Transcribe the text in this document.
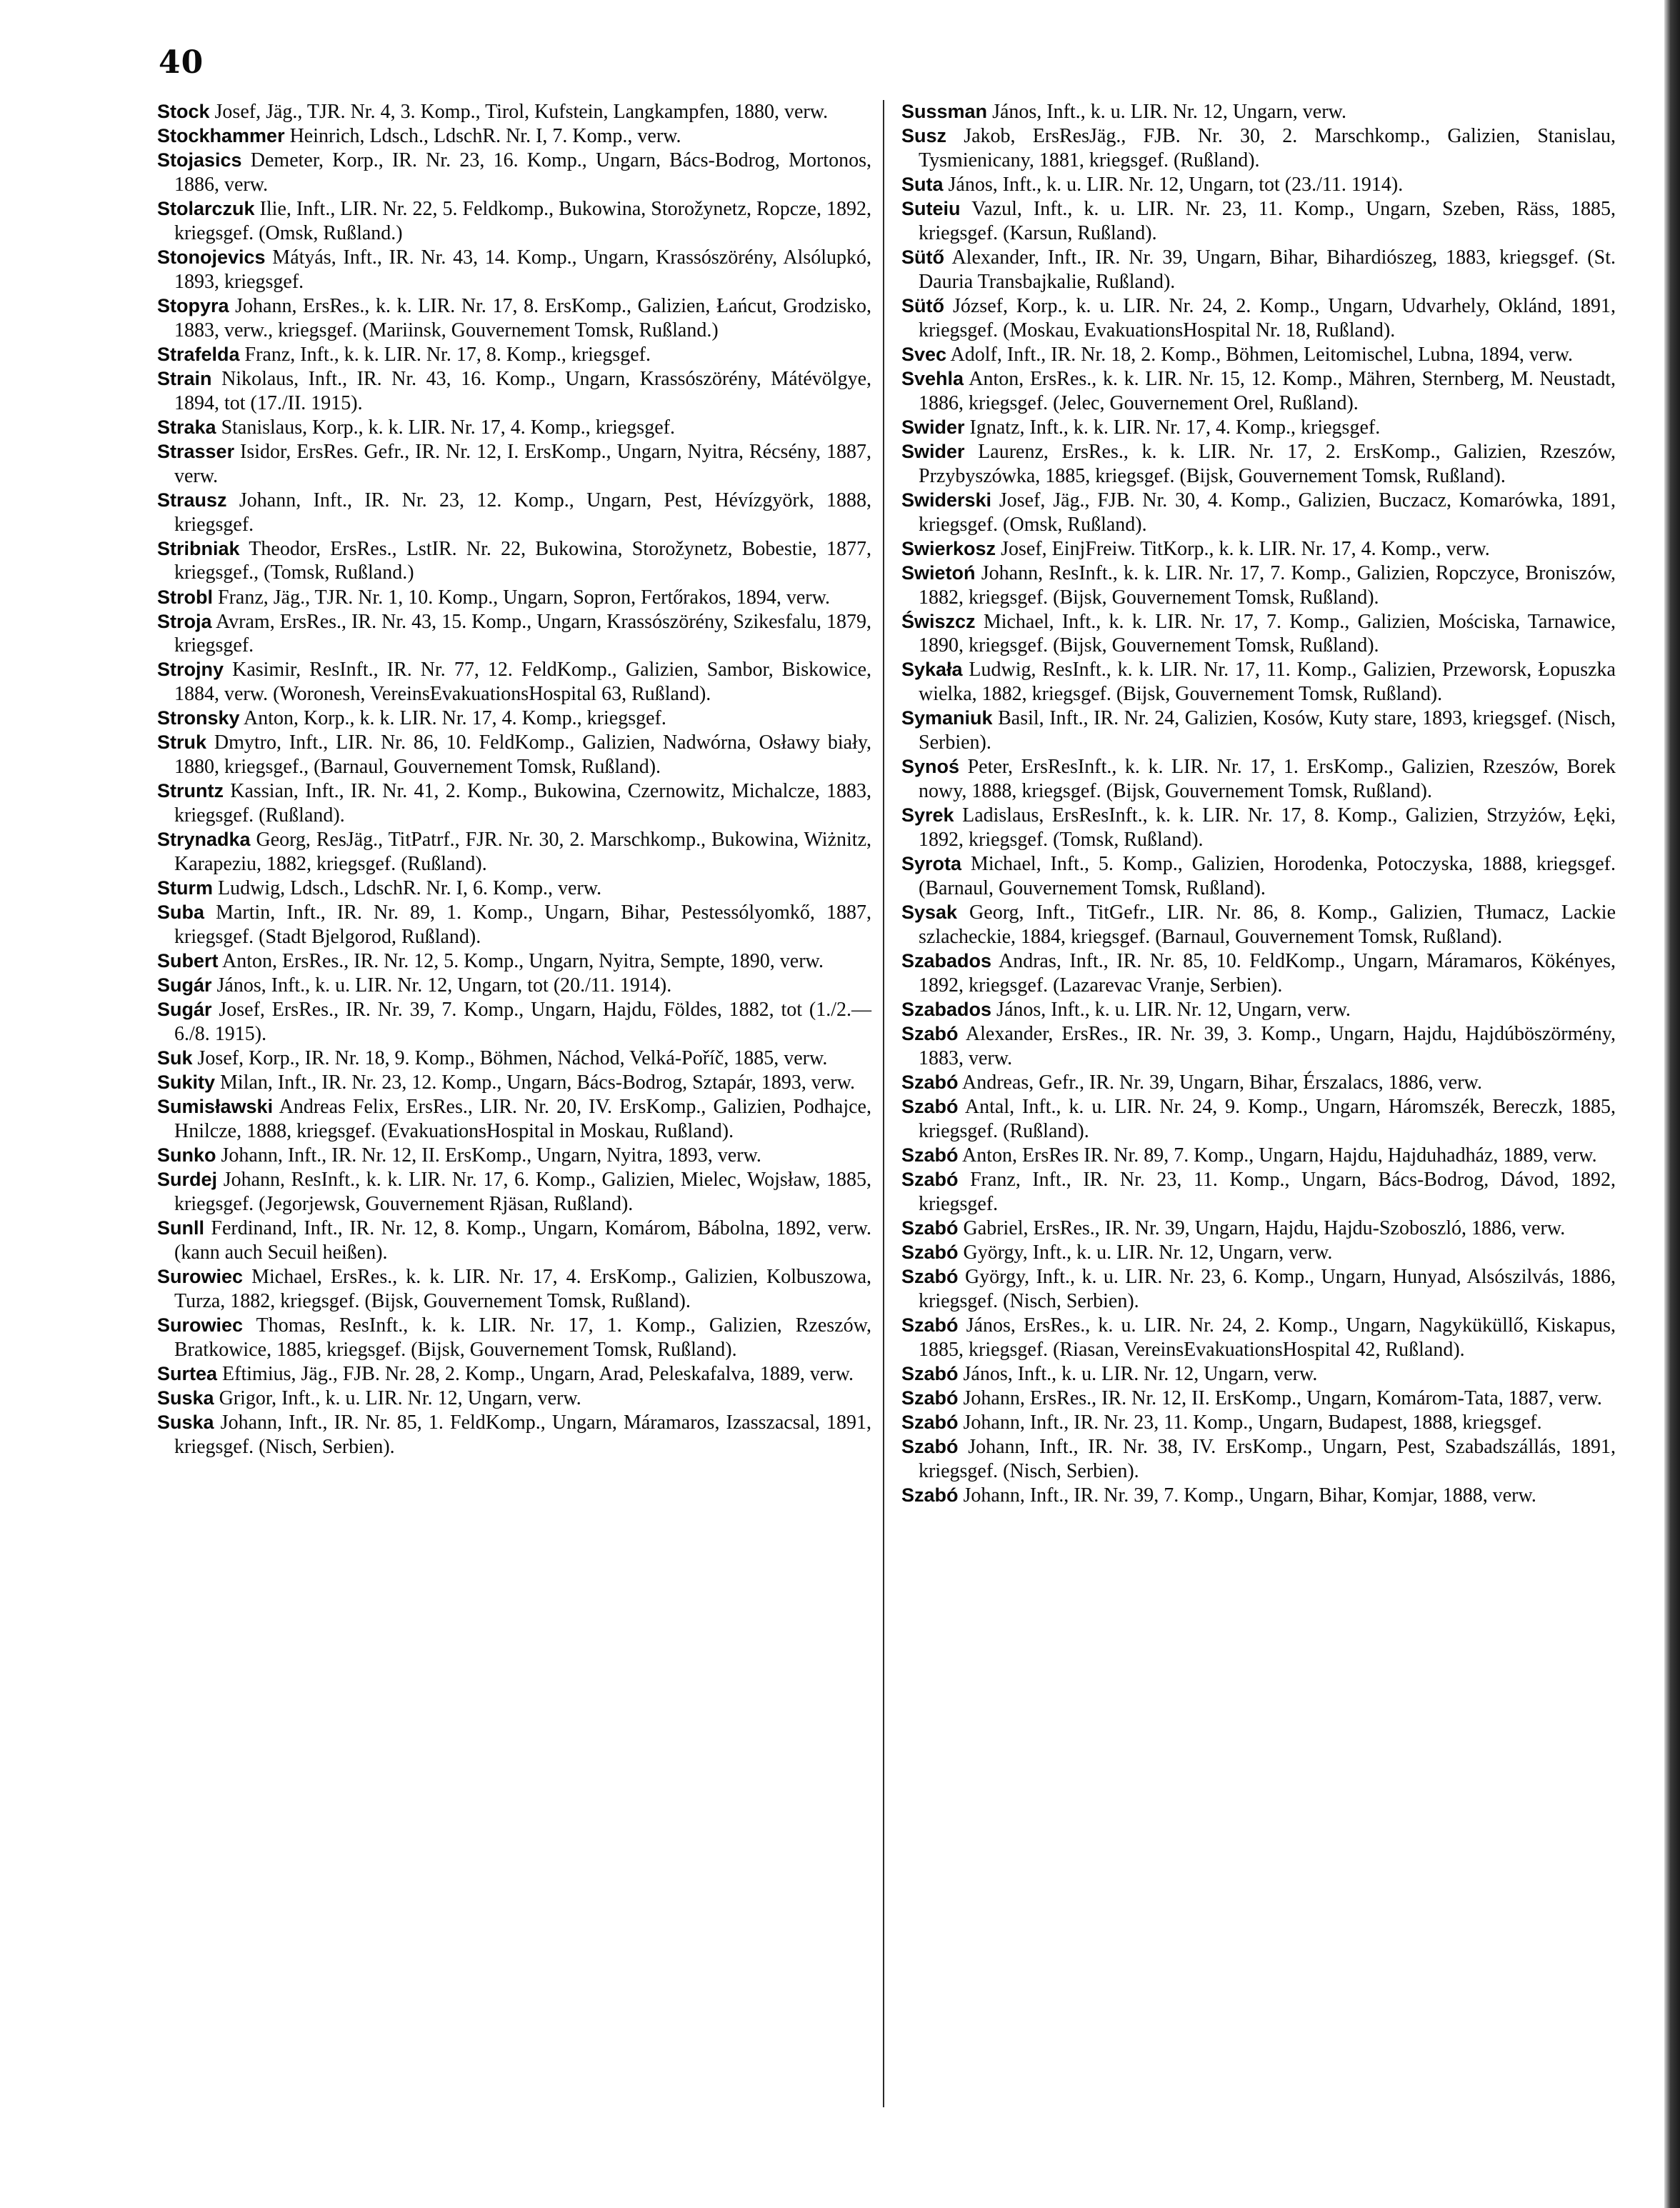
40

Stock Josef, Jäg., TJR. Nr. 4, 3. Komp., Tirol, Kufstein, Langkampfen, 1880, verw.

Stockhammer Heinrich, Ldsch., LdschR. Nr. I, 7. Komp., verw.

Stojasics Demeter, Korp., IR. Nr. 23, 16. Komp., Ungarn, Bács-Bodrog, Mortonos, 1886, verw.

Stolarczuk Ilie, Inft., LIR. Nr. 22, 5. Feldkomp., Bukowina, Storožynetz, Ropcze, 1892, kriegsgef. (Omsk, Rußland.)

Stonojevics Mátyás, Inft., IR. Nr. 43, 14. Komp., Ungarn, Krassószörény, Alsólupkó, 1893, kriegsgef.

Stopyra Johann, ErsRes., k. k. LIR. Nr. 17, 8. ErsKomp., Galizien, Łańcut, Grodzisko, 1883, verw., kriegsgef. (Mariinsk, Gouvernement Tomsk, Rußland.)

Strafelda Franz, Inft., k. k. LIR. Nr. 17, 8. Komp., kriegsgef.

Strain Nikolaus, Inft., IR. Nr. 43, 16. Komp., Ungarn, Krassószörény, Mátévölgye, 1894, tot (17./II. 1915).

Straka Stanislaus, Korp., k. k. LIR. Nr. 17, 4. Komp., kriegsgef.

Strasser Isidor, ErsRes. Gefr., IR. Nr. 12, I. ErsKomp., Ungarn, Nyitra, Récsény, 1887, verw.

Strausz Johann, Inft., IR. Nr. 23, 12. Komp., Ungarn, Pest, Hévízgyörk, 1888, kriegsgef.

Stribniak Theodor, ErsRes., LstIR. Nr. 22, Bukowina, Storožynetz, Bobestie, 1877, kriegsgef., (Tomsk, Rußland.)

Strobl Franz, Jäg., TJR. Nr. 1, 10. Komp., Ungarn, Sopron, Fertőrakos, 1894, verw.

Stroja Avram, ErsRes., IR. Nr. 43, 15. Komp., Ungarn, Krassószörény, Szikesfalu, 1879, kriegsgef.

Strojny Kasimir, ResInft., IR. Nr. 77, 12. FeldKomp., Galizien, Sambor, Biskowice, 1884, verw. (Woronesh, VereinsEvakuationsHospital 63, Rußland).

Stronsky Anton, Korp., k. k. LIR. Nr. 17, 4. Komp., kriegsgef.

Struk Dmytro, Inft., LIR. Nr. 86, 10. FeldKomp., Galizien, Nadwórna, Osławy biały, 1880, kriegsgef., (Barnaul, Gouvernement Tomsk, Rußland).

Struntz Kassian, Inft., IR. Nr. 41, 2. Komp., Bukowina, Czernowitz, Michalcze, 1883, kriegsgef. (Rußland).

Strynadka Georg, ResJäg., TitPatrf., FJR. Nr. 30, 2. Marschkomp., Bukowina, Wiżnitz, Karapeziu, 1882, kriegsgef. (Rußland).

Sturm Ludwig, Ldsch., LdschR. Nr. I, 6. Komp., verw.

Suba Martin, Inft., IR. Nr. 89, 1. Komp., Ungarn, Bihar, Pestessólyomkő, 1887, kriegsgef. (Stadt Bjelgorod, Rußland).

Subert Anton, ErsRes., IR. Nr. 12, 5. Komp., Ungarn, Nyitra, Sempte, 1890, verw.

Sugár János, Inft., k. u. LIR. Nr. 12, Ungarn, tot (20./11. 1914).

Sugár Josef, ErsRes., IR. Nr. 39, 7. Komp., Ungarn, Hajdu, Földes, 1882, tot (1./2.—6./8. 1915).

Suk Josef, Korp., IR. Nr. 18, 9. Komp., Böhmen, Náchod, Velká-Poříč, 1885, verw.

Sukity Milan, Inft., IR. Nr. 23, 12. Komp., Ungarn, Bács-Bodrog, Sztapár, 1893, verw.

Sumisławski Andreas Felix, ErsRes., LIR. Nr. 20, IV. ErsKomp., Galizien, Podhajce, Hnilcze, 1888, kriegsgef. (EvakuationsHospital in Moskau, Rußland).

Sunko Johann, Inft., IR. Nr. 12, II. ErsKomp., Ungarn, Nyitra, 1893, verw.

Surdej Johann, ResInft., k. k. LIR. Nr. 17, 6. Komp., Galizien, Mielec, Wojsław, 1885, kriegsgef. (Jegorjewsk, Gouvernement Rjäsan, Rußland).

Sunll Ferdinand, Inft., IR. Nr. 12, 8. Komp., Ungarn, Komárom, Bábolna, 1892, verw. (kann auch Secuil heißen).

Surowiec Michael, ErsRes., k. k. LIR. Nr. 17, 4. ErsKomp., Galizien, Kolbuszowa, Turza, 1882, kriegsgef. (Bijsk, Gouvernement Tomsk, Rußland).

Surowiec Thomas, ResInft., k. k. LIR. Nr. 17, 1. Komp., Galizien, Rzeszów, Bratkowice, 1885, kriegsgef. (Bijsk, Gouvernement Tomsk, Rußland).

Surtea Eftimius, Jäg., FJB. Nr. 28, 2. Komp., Ungarn, Arad, Peleskafalva, 1889, verw.

Suska Grigor, Inft., k. u. LIR. Nr. 12, Ungarn, verw.

Suska Johann, Inft., IR. Nr. 85, 1. FeldKomp., Ungarn, Máramaros, Izasszacsal, 1891, kriegsgef. (Nisch, Serbien).

Sussman János, Inft., k. u. LIR. Nr. 12, Ungarn, verw.

Susz Jakob, ErsResJäg., FJB. Nr. 30, 2. Marschkomp., Galizien, Stanislau, Tysmienicany, 1881, kriegsgef. (Rußland).

Suta János, Inft., k. u. LIR. Nr. 12, Ungarn, tot (23./11. 1914).

Suteiu Vazul, Inft., k. u. LIR. Nr. 23, 11. Komp., Ungarn, Szeben, Räss, 1885, kriegsgef. (Karsun, Rußland).

Sütő Alexander, Inft., IR. Nr. 39, Ungarn, Bihar, Bihardiószeg, 1883, kriegsgef. (St. Dauria Transbajkalie, Rußland).

Sütő József, Korp., k. u. LIR. Nr. 24, 2. Komp., Ungarn, Udvarhely, Oklánd, 1891, kriegsgef. (Moskau, EvakuationsHospital Nr. 18, Rußland).

Svec Adolf, Inft., IR. Nr. 18, 2. Komp., Böhmen, Leitomischel, Lubna, 1894, verw.

Svehla Anton, ErsRes., k. k. LIR. Nr. 15, 12. Komp., Mähren, Sternberg, M. Neustadt, 1886, kriegsgef. (Jelec, Gouvernement Orel, Rußland).

Swider Ignatz, Inft., k. k. LIR. Nr. 17, 4. Komp., kriegsgef.

Swider Laurenz, ErsRes., k. k. LIR. Nr. 17, 2. ErsKomp., Galizien, Rzeszów, Przybyszówka, 1885, kriegsgef. (Bijsk, Gouvernement Tomsk, Rußland).

Swiderski Josef, Jäg., FJB. Nr. 30, 4. Komp., Galizien, Buczacz, Komarówka, 1891, kriegsgef. (Omsk, Rußland).

Swierkosz Josef, EinjFreiw. TitKorp., k. k. LIR. Nr. 17, 4. Komp., verw.

Swietoń Johann, ResInft., k. k. LIR. Nr. 17, 7. Komp., Galizien, Ropczyce, Broniszów, 1882, kriegsgef. (Bijsk, Gouvernement Tomsk, Rußland).

Świszcz Michael, Inft., k. k. LIR. Nr. 17, 7. Komp., Galizien, Mościska, Tarnawice, 1890, kriegsgef. (Bijsk, Gouvernement Tomsk, Rußland).

Sykała Ludwig, ResInft., k. k. LIR. Nr. 17, 11. Komp., Galizien, Przeworsk, Łopuszka wielka, 1882, kriegsgef. (Bijsk, Gouvernement Tomsk, Rußland).

Symaniuk Basil, Inft., IR. Nr. 24, Galizien, Kosów, Kuty stare, 1893, kriegsgef. (Nisch, Serbien).

Synoś Peter, ErsResInft., k. k. LIR. Nr. 17, 1. ErsKomp., Galizien, Rzeszów, Borek nowy, 1888, kriegsgef. (Bijsk, Gouvernement Tomsk, Rußland).

Syrek Ladislaus, ErsResInft., k. k. LIR. Nr. 17, 8. Komp., Galizien, Strzyżów, Łęki, 1892, kriegsgef. (Tomsk, Rußland).

Syrota Michael, Inft., 5. Komp., Galizien, Horodenka, Potoczyska, 1888, kriegsgef. (Barnaul, Gouvernement Tomsk, Rußland).

Sysak Georg, Inft., TitGefr., LIR. Nr. 86, 8. Komp., Galizien, Tłumacz, Lackie szlacheckie, 1884, kriegsgef. (Barnaul, Gouvernement Tomsk, Rußland).

Szabados Andras, Inft., IR. Nr. 85, 10. FeldKomp., Ungarn, Máramaros, Kökényes, 1892, kriegsgef. (Lazarevac Vranje, Serbien).

Szabados János, Inft., k. u. LIR. Nr. 12, Ungarn, verw.

Szabó Alexander, ErsRes., IR. Nr. 39, 3. Komp., Ungarn, Hajdu, Hajdúböszörmény, 1883, verw.

Szabó Andreas, Gefr., IR. Nr. 39, Ungarn, Bihar, Érszalacs, 1886, verw.

Szabó Antal, Inft., k. u. LIR. Nr. 24, 9. Komp., Ungarn, Háromszék, Bereczk, 1885, kriegsgef. (Rußland).

Szabó Anton, ErsRes IR. Nr. 89, 7. Komp., Ungarn, Hajdu, Hajduhadház, 1889, verw.

Szabó Franz, Inft., IR. Nr. 23, 11. Komp., Ungarn, Bács-Bodrog, Dávod, 1892, kriegsgef.

Szabó Gabriel, ErsRes., IR. Nr. 39, Ungarn, Hajdu, Hajdu-Szoboszló, 1886, verw.

Szabó György, Inft., k. u. LIR. Nr. 12, Ungarn, verw.

Szabó György, Inft., k. u. LIR. Nr. 23, 6. Komp., Ungarn, Hunyad, Alsószilvás, 1886, kriegsgef. (Nisch, Serbien).

Szabó János, ErsRes., k. u. LIR. Nr. 24, 2. Komp., Ungarn, Nagyküküllő, Kiskapus, 1885, kriegsgef. (Riasan, VereinsEvakuationsHospital 42, Rußland).

Szabó János, Inft., k. u. LIR. Nr. 12, Ungarn, verw.

Szabó Johann, ErsRes., IR. Nr. 12, II. ErsKomp., Ungarn, Komárom-Tata, 1887, verw.

Szabó Johann, Inft., IR. Nr. 23, 11. Komp., Ungarn, Budapest, 1888, kriegsgef.

Szabó Johann, Inft., IR. Nr. 38, IV. ErsKomp., Ungarn, Pest, Szabadszállás, 1891, kriegsgef. (Nisch, Serbien).

Szabó Johann, Inft., IR. Nr. 39, 7. Komp., Ungarn, Bihar, Komjar, 1888, verw.
